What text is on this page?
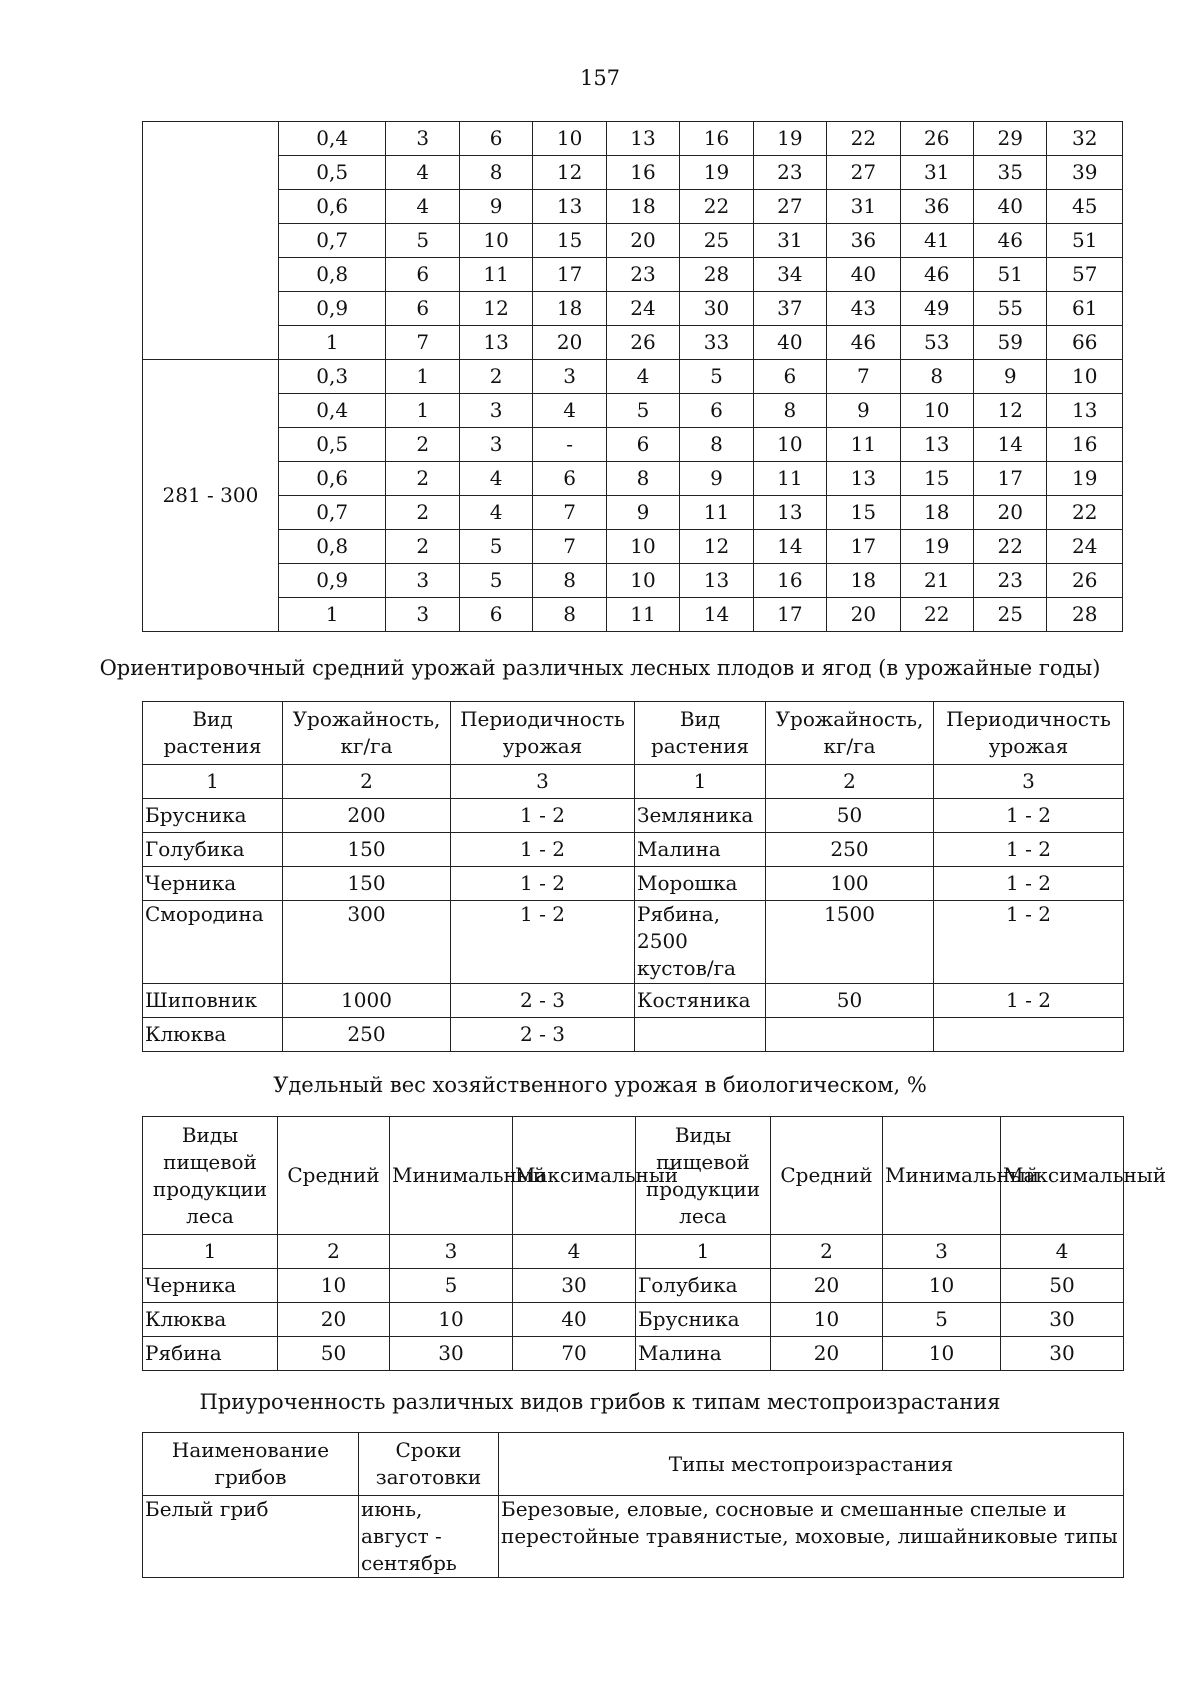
157
	0,4	3	6	10	13	16	19	22	26	29	32
	0,5	4	8	12	16	19	23	27	31	35	39
	0,6	4	9	13	18	22	27	31	36	40	45
	0,7	5	10	15	20	25	31	36	41	46	51
	0,8	6	11	17	23	28	34	40	46	51	57
	0,9	6	12	18	24	30	37	43	49	55	61
	1	7	13	20	26	33	40	46	53	59	66
281 - 300	0,3	1	2	3	4	5	6	7	8	9	10
	0,4	1	3	4	5	6	8	9	10	12	13
	0,5	2	3	-	6	8	10	11	13	14	16
	0,6	2	4	6	8	9	11	13	15	17	19
	0,7	2	4	7	9	11	13	15	18	20	22
	0,8	2	5	7	10	12	14	17	19	22	24
	0,9	3	5	8	10	13	16	18	21	23	26
	1	3	6	8	11	14	17	20	22	25	28
Ориентировочный средний урожай различных лесных плодов и ягод (в урожайные годы)
Вид растения	Урожайность, кг/га	Периодичность урожая	Вид растения	Урожайность, кг/га	Периодичность урожая
1	2	3	1	2	3
Брусника	200	1 - 2	Земляника	50	1 - 2
Голубика	150	1 - 2	Малина	250	1 - 2
Черника	150	1 - 2	Морошка	100	1 - 2
Смородина	300	1 - 2	Рябина, 2500 кустов/га	1500	1 - 2
Шиповник	1000	2 - 3	Костяника	50	1 - 2
Клюква	250	2 - 3			
Удельный вес хозяйственного урожая в биологическом, %
Виды пищевой продукции леса	Средний	Минимальный	Максимальный	Виды пищевой продукции леса	Средний	Минимальный	Максимальный
1	2	3	4	1	2	3	4
Черника	10	5	30	Голубика	20	10	50
Клюква	20	10	40	Брусника	10	5	30
Рябина	50	30	70	Малина	20	10	30
Приуроченность различных видов грибов к типам местопроизрастания
Наименование грибов	Сроки заготовки	Типы местопроизрастания
Белый гриб	июнь, август - сентябрь	Березовые, еловые, сосновые и смешанные спелые и перестойные травянистые, моховые, лишайниковые типы
